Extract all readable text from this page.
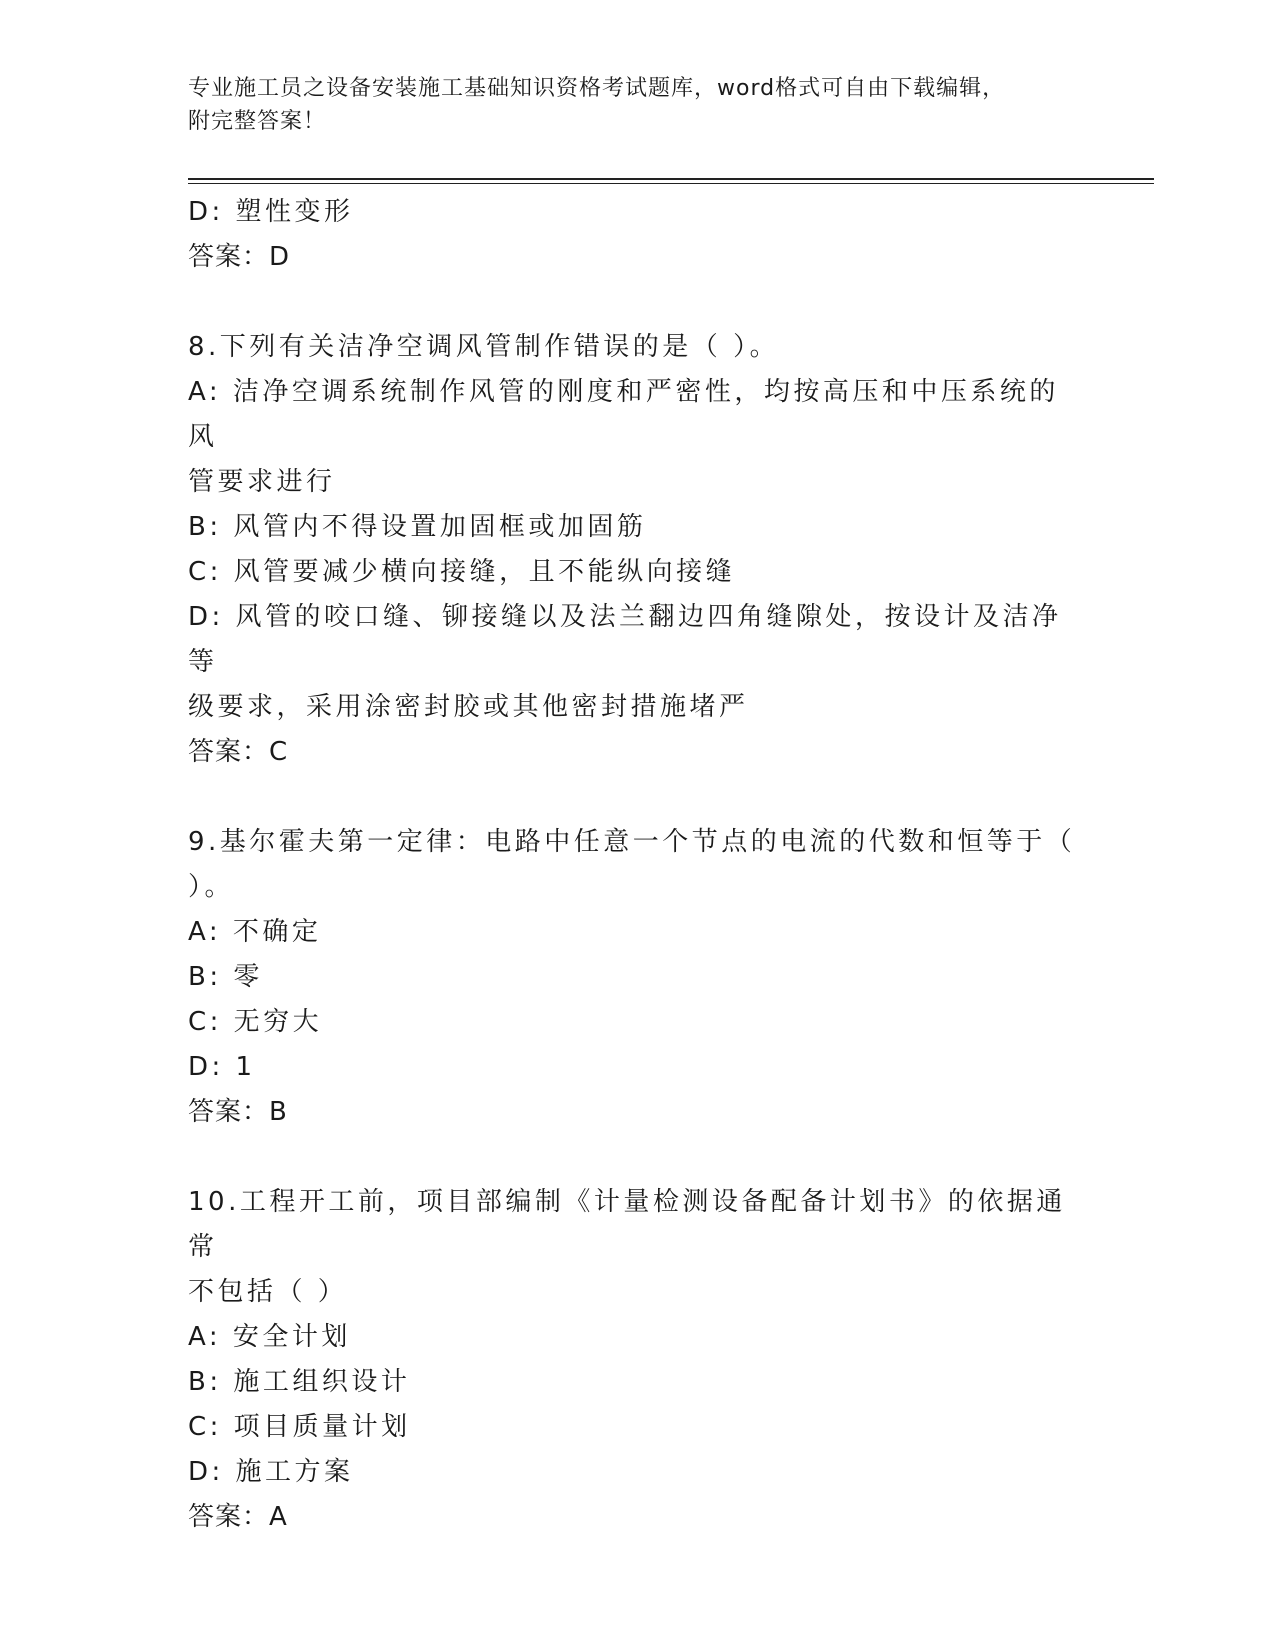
专业施工员之设备安装施工基础知识资格考试题库，word格式可自由下载编辑，
附完整答案！

D: 塑性变形

答案：D

8.下列有关洁净空调风管制作错误的是（ ）。

A: 洁净空调系统制作风管的刚度和严密性，均按高压和中压系统的风

管要求进行

B: 风管内不得设置加固框或加固筋

C: 风管要减少横向接缝，且不能纵向接缝

D: 风管的咬口缝、铆接缝以及法兰翻边四角缝隙处，按设计及洁净等

级要求，采用涂密封胶或其他密封措施堵严

答案：C

9.基尔霍夫第一定律：电路中任意一个节点的电流的代数和恒等于（

）。

A: 不确定

B: 零

C: 无穷大

D: 1

答案：B

10.工程开工前，项目部编制《计量检测设备配备计划书》的依据通常

不包括（ ）

A: 安全计划

B: 施工组织设计

C: 项目质量计划

D: 施工方案

答案：A
